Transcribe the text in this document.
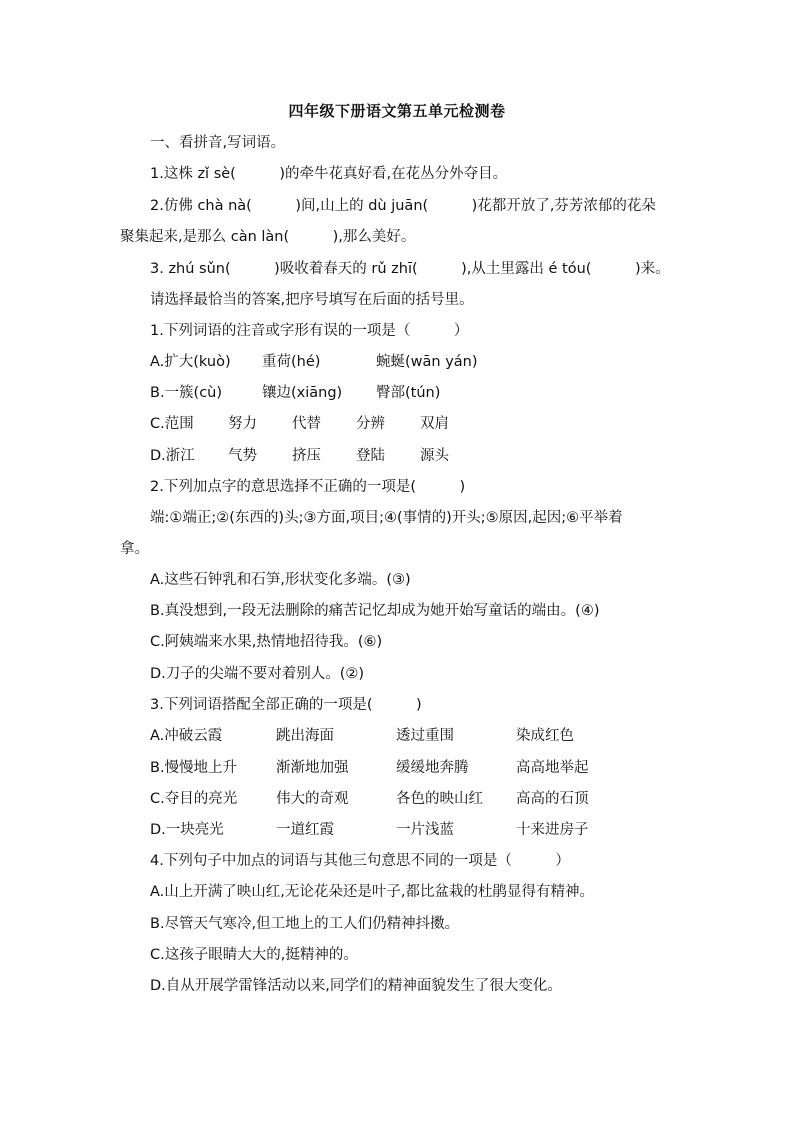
四年级下册语文第五单元检测卷
一、看拼音,写词语。
1.这株 zǐ sè(　　　)的牵牛花真好看,在花丛分外夺目。
2.仿佛 chà nà(　　　)间,山上的 dù juān(　　　)花都开放了,芬芳浓郁的花朵
聚集起来,是那么 càn làn(　　　),那么美好。
3. zhú sǔn(　　　)吸收着春天的 rǔ zhī(　　　),从土里露出 é tóu(　　　)来。
请选择最恰当的答案,把序号填写在后面的括号里。
1.下列词语的注音或字形有误的一项是（　　　）
A.扩大(kuò) 重荷(hé)	蜿蜒(wān yán)
B.一簇(cù)	镶边(xiāng) 臀部(tún)
C.范围 努力 代替 分辨 双肩
D.浙江 气势 挤压 登陆 源头
2.下列加点字的意思选择不正确的一项是(　　　)
端:①端正;②(东西的)头;③方面,项目;④(事情的)开头;⑤原因,起因;⑥平举着
拿。
A.这些石钟乳和石笋,形状变化多端。(③)
B.真没想到,一段无法删除的痛苦记忆却成为她开始写童话的端由。(④)
C.阿姨端来水果,热情地招待我。(⑥)
D.刀子的尖端不要对着别人。(②)
3.下列词语搭配全部正确的一项是(　　　)
A.冲破云霞	跳出海面	透过重围	染成红色
B.慢慢地上升	渐渐地加强	缓缓地奔腾	高高地举起
C.夺目的亮光	伟大的奇观	各色的映山红 高高的石顶
D.一块亮光	一道红霞	一片浅蓝	十来进房子
4.下列句子中加点的词语与其他三句意思不同的一项是（　　　）
A.山上开满了映山红,无论花朵还是叶子,都比盆栽的杜鹃显得有精神。
B.尽管天气寒冷,但工地上的工人们仍精神抖擞。
C.这孩子眼睛大大的,挺精神的。
D.自从开展学雷锋活动以来,同学们的精神面貌发生了很大变化。
